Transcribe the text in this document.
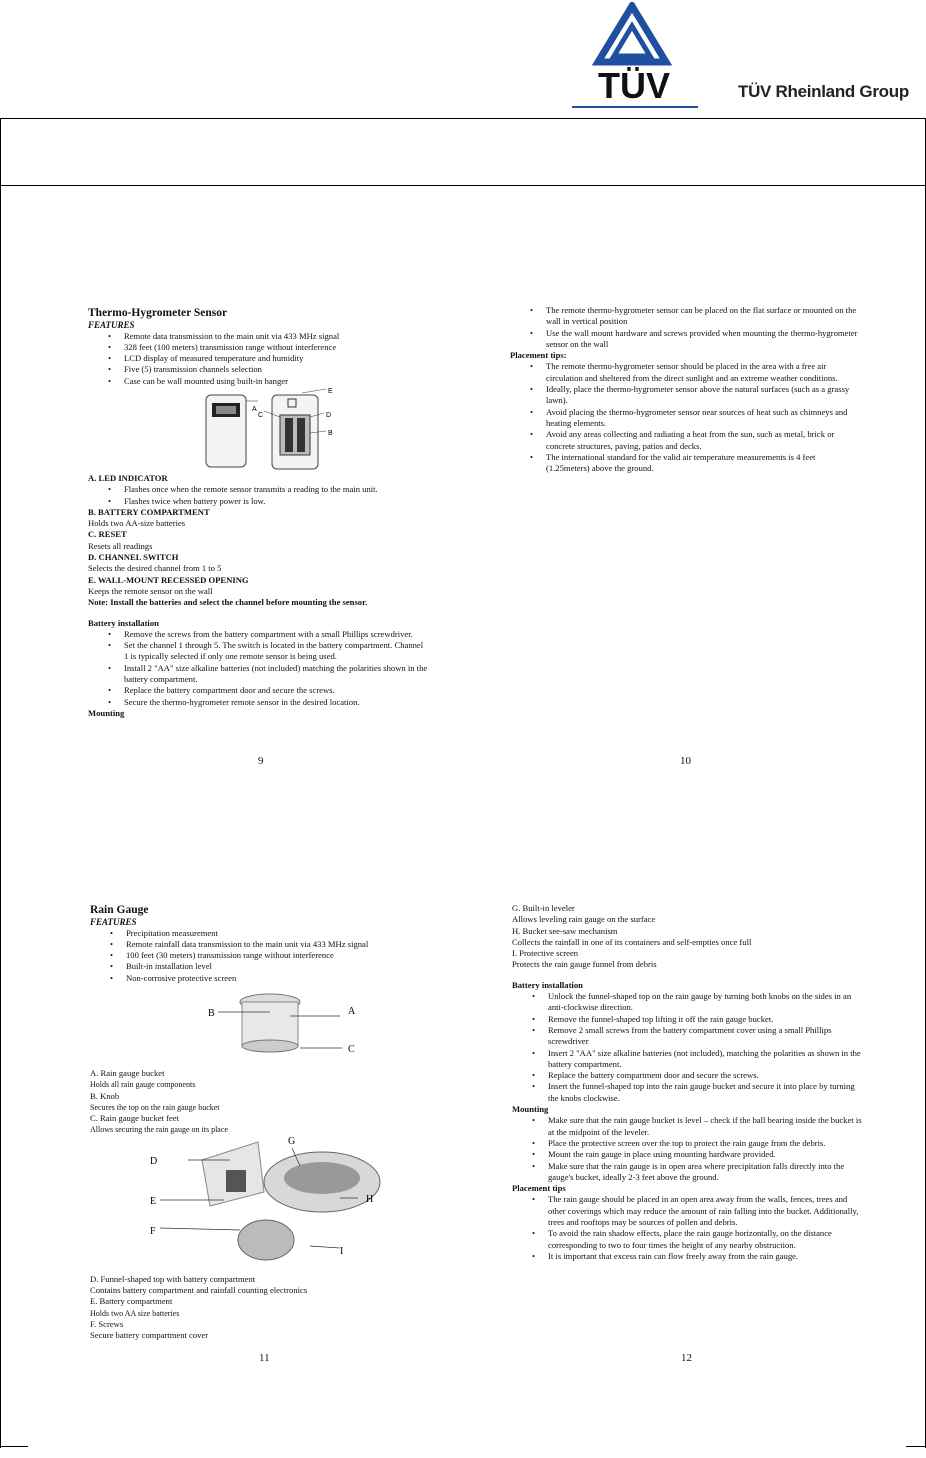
TÜV	TÜV Rheinland Group
Thermo-Hygrometer Sensor
FEATURES
• Remote data transmission to the main unit via 433 MHz signal
• 328 feet (100 meters) transmission range without interference
• LCD display of measured temperature and humidity
• Five (5) transmission channels selection
• Case can be wall mounted using built-in hanger
A
C
E
D
B
A. LED INDICATOR
• Flashes once when the remote sensor transmits a reading to the main unit.
• Flashes twice when battery power is low.
B. BATTERY COMPARTMENT
Holds two AA-size batteries
C. RESET
Resets all readings
D. CHANNEL SWITCH
Selects the desired channel from 1 to 5
E. WALL-MOUNT RECESSED OPENING
Keeps the remote sensor on the wall
Note: Install the batteries and select the channel before mounting the sensor.
Battery installation
• Remove the screws from the battery compartment with a small Phillips screwdriver.
• Set the channel 1 through 5. The switch is located in the battery compartment. Channel 1 is typically selected if only one remote sensor is being used.
• Install 2 "AA" size alkaline batteries (not included) matching the polarities shown in the battery compartment.
• Replace the battery compartment door and secure the screws.
• Secure the thermo-hygrometer remote sensor in the desired location.
Mounting
9
• The remote thermo-hygrometer sensor can be placed on the flat surface or mounted on the wall in vertical position
• Use the wall mount hardware and screws provided when mounting the thermo-hygrometer sensor on the wall
Placement tips:
• The remote thermo-hygrometer sensor should be placed in the area with a free air circulation and sheltered from the direct sunlight and an extreme weather conditions.
• Ideally, place the thermo-hygrometer sensor above the natural surfaces (such as a grassy lawn).
• Avoid placing the thermo-hygrometer sensor near sources of heat such as chimneys and heating elements.
• Avoid any areas collecting and radiating a heat from the sun, such as metal, brick or concrete structures, paving, patios and decks.
• The international standard for the valid air temperature measurements is 4 feet (1.25meters) above the ground.
10
Rain Gauge
FEATURES
• Precipitation measurement
• Remote rainfall data transmission to the main unit via 433 MHz signal
• 100 feet (30 meters) transmission range without interference
• Built-in installation level
• Non-corrosive protective screen
B	A
C
A. Rain gauge bucket
Holds all rain gauge components
B. Knob
Secures the top on the rain gauge bucket
C. Rain gauge bucket feet
Allows securing the rain gauge on its place
G
D
E	H
F
I
D. Funnel-shaped top with battery compartment
Contains battery compartment and rainfall counting electronics
E. Battery compartment
Holds two AA size batteries
F. Screws
Secure battery compartment cover
11
G. Built-in leveler
Allows leveling rain gauge on the surface
H. Bucket see-saw mechanism
Collects the rainfall in one of its containers and self-empties once full
I. Protective screen
Protects the rain gauge funnel from debris
Battery installation
• Unlock the funnel-shaped top on the rain gauge by turning both knobs on the sides in an anti-clockwise direction.
• Remove the funnel-shaped top lifting it off the rain gauge bucket.
• Remove 2 small screws from the battery compartment cover using a small Phillips screwdriver
• Insert 2 "AA" size alkaline batteries (not included), matching the polarities as shown in the battery compartment.
• Replace the battery compartment door and secure the screws.
• Insert the funnel-shaped top into the rain gauge bucket and secure it into place by turning the knobs clockwise.
Mounting
• Make sure that the rain gauge bucket is level – check if the ball bearing inside the bucket is at the midpoint of the leveler.
• Place the protective screen over the top to protect the rain gauge from the debris.
• Mount the rain gauge in place using mounting hardware provided.
• Make sure that the rain gauge is in open area where precipitation falls directly into the gauge's bucket, ideally 2-3 feet above the ground.
Placement tips
• The rain gauge should be placed in an open area away from the walls, fences, trees and other coverings which may reduce the amount of rain falling into the bucket. Additionally, trees and rooftops may be sources of pollen and debris.
• To avoid the rain shadow effects, place the rain gauge horizontally, on the distance corresponding to two to four times the height of any nearby obstruction.
• It is important that excess rain can flow freely away from the rain gauge.
12
